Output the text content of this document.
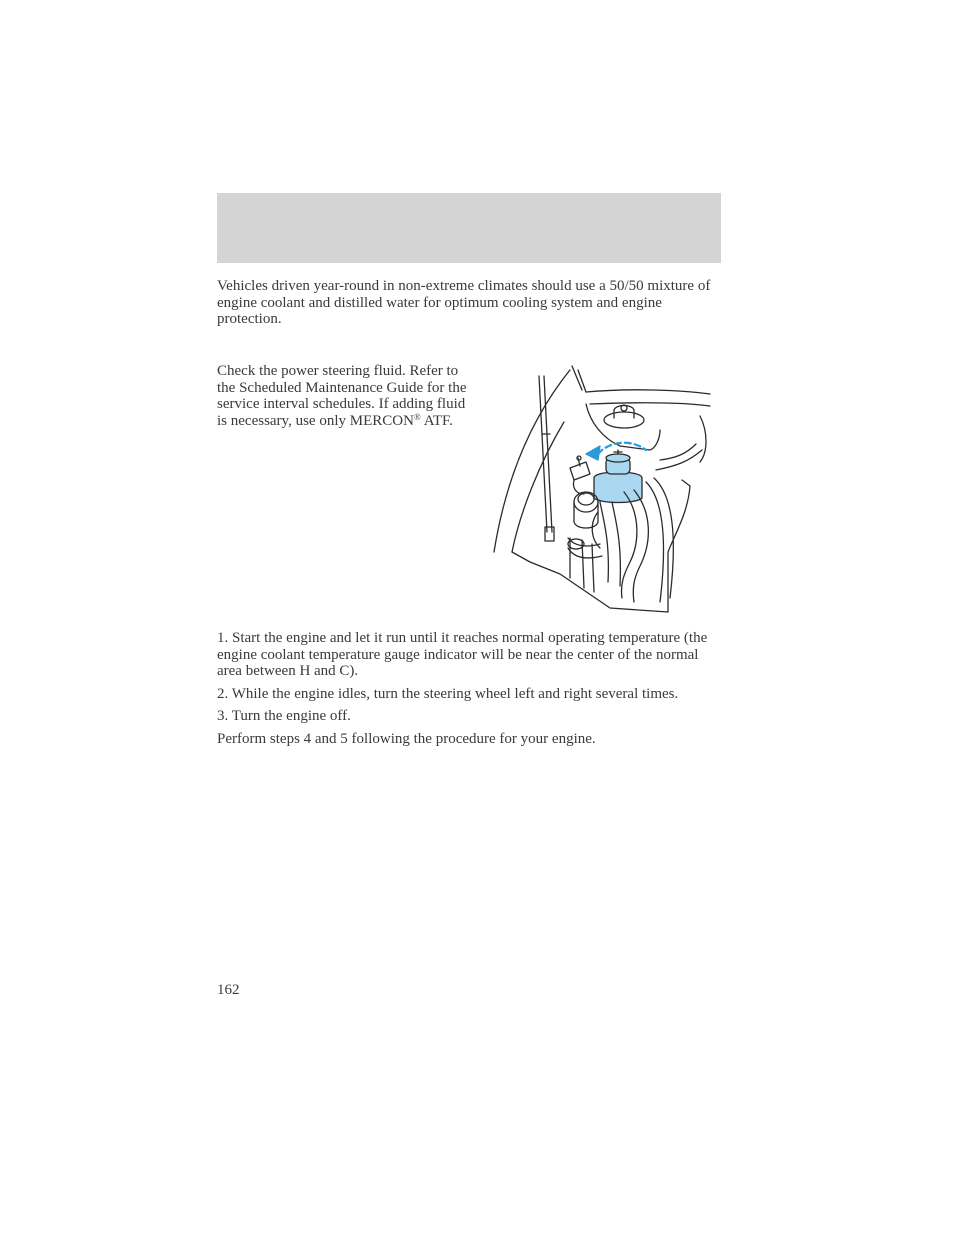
Vehicles driven year-round in non-extreme climates should use a 50/50 mixture of engine coolant and distilled water for optimum cooling system and engine protection.

Check the power steering fluid. Refer to the Scheduled Maintenance Guide for the service interval schedules. If adding fluid is necessary, use only MERCON® ATF.

1. Start the engine and let it run until it reaches normal operating temperature (the engine coolant temperature gauge indicator will be near the center of the normal area between H and C).

2. While the engine idles, turn the steering wheel left and right several times.

3. Turn the engine off.

Perform steps 4 and 5 following the procedure for your engine.

162
